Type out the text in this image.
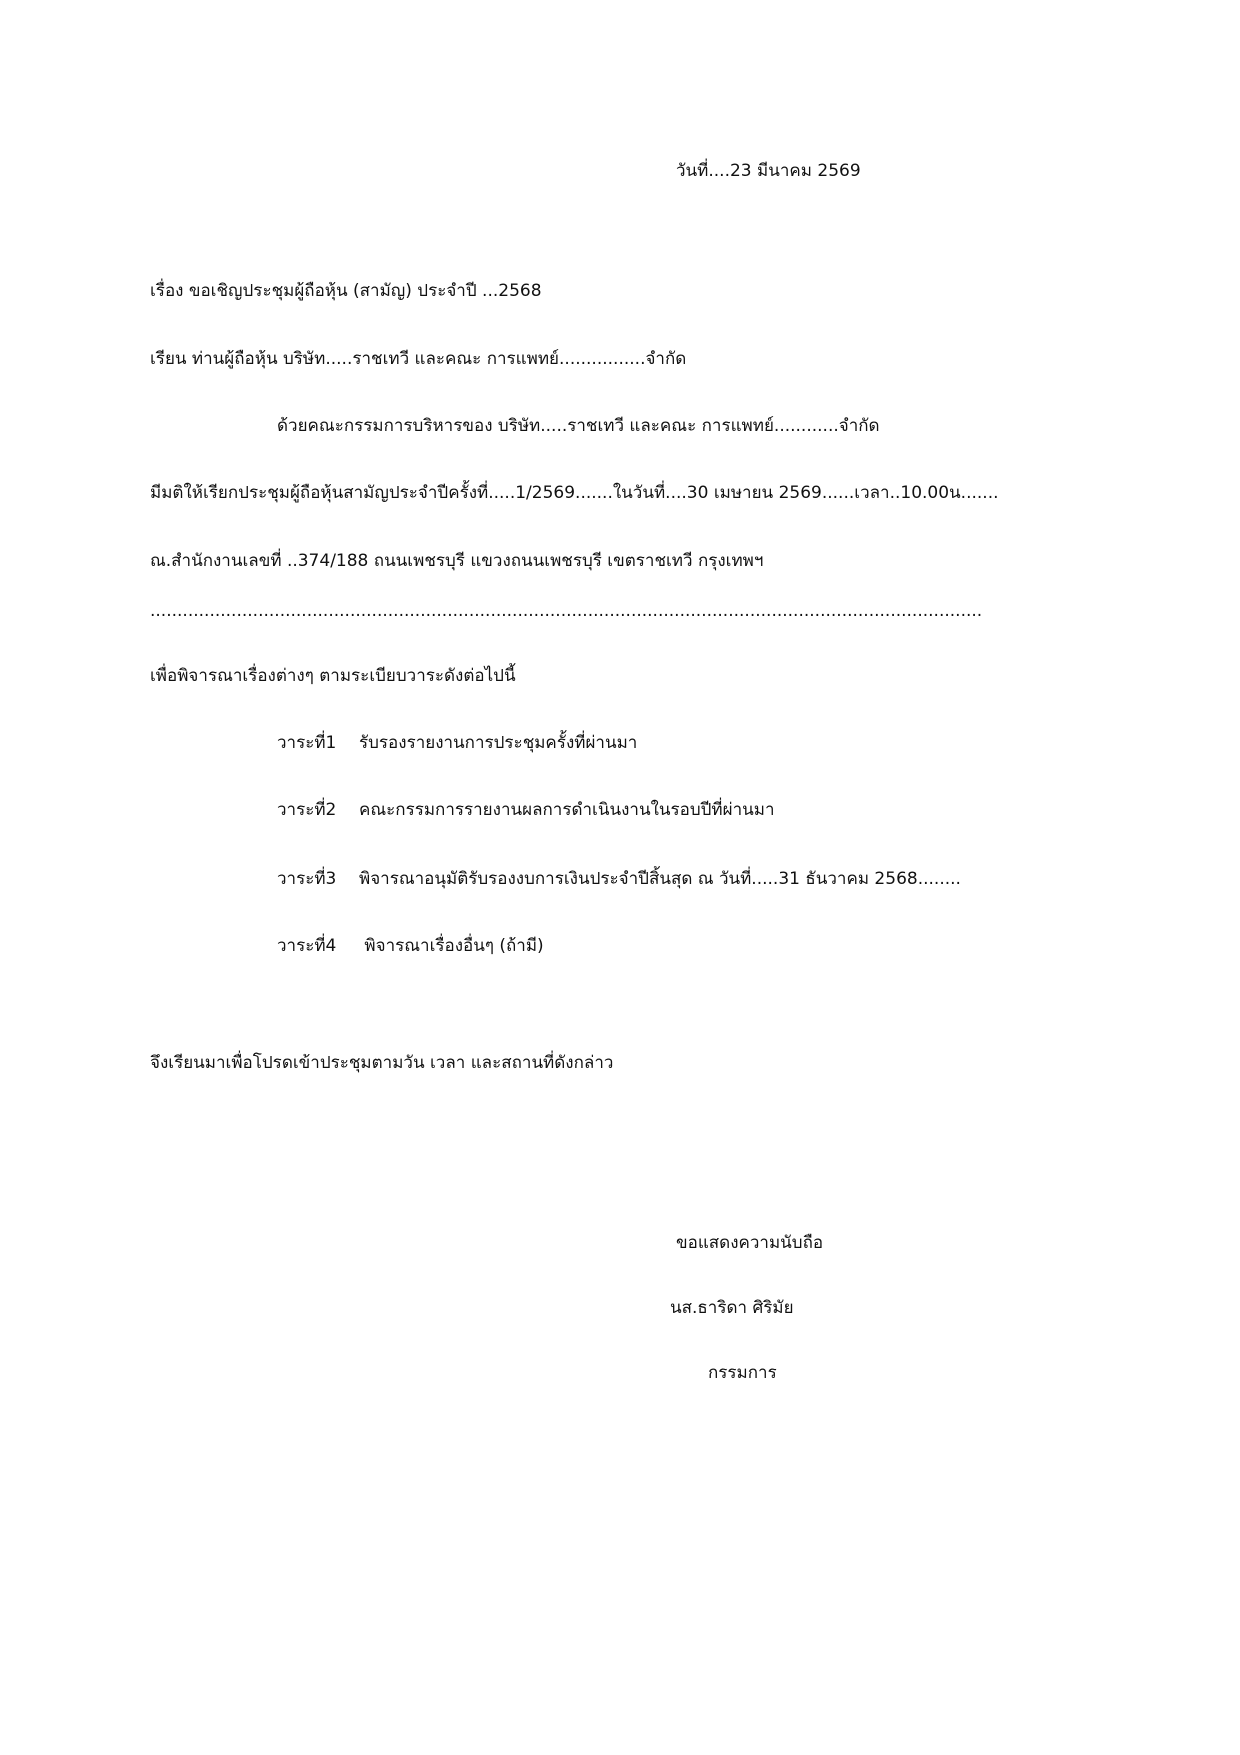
วันที่....23 มีนาคม 2569
เรื่อง ขอเชิญประชุมผู้ถือหุ้น (สามัญ) ประจำปี ...2568
เรียน ท่านผู้ถือหุ้น บริษัท.....ราชเทวี และคณะ การแพทย์................จำกัด
ด้วยคณะกรรมการบริหารของ บริษัท.....ราชเทวี และคณะ การแพทย์............จำกัด
มีมติให้เรียกประชุมผู้ถือหุ้นสามัญประจำปีครั้งที่.....1/2569.......ในวันที่....30 เมษายน 2569......เวลา..10.00น.......
ณ.สำนักงานเลขที่ ..374/188 ถนนเพชรบุรี แขวงถนนเพชรบุรี เขตราชเทวี กรุงเทพฯ
..........................................................................................................................................................
เพื่อพิจารณาเรื่องต่างๆ ตามระเบียบวาระดังต่อไปนี้
วาระที่1 รับรองรายงานการประชุมครั้งที่ผ่านมา
วาระที่2 คณะกรรมการรายงานผลการดำเนินงานในรอบปีที่ผ่านมา
วาระที่3 พิจารณาอนุมัติรับรองงบการเงินประจำปีสิ้นสุด ณ วันที่.....31 ธันวาคม 2568........
วาระที่4 พิจารณาเรื่องอื่นๆ (ถ้ามี)
จึงเรียนมาเพื่อโปรดเข้าประชุมตามวัน เวลา และสถานที่ดังกล่าว
ขอแสดงความนับถือ
นส.ธาริดา ศิริมัย
กรรมการ
